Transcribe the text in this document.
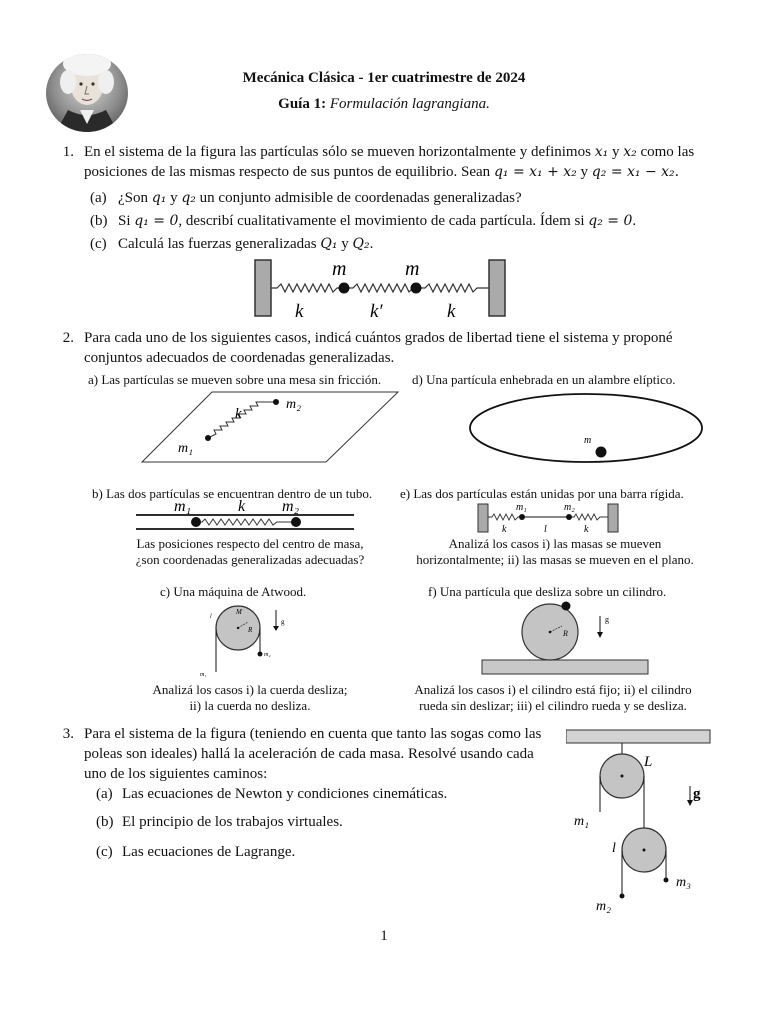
Mecánica Clásica - 1er cuatrimestre de 2024
Guía 1: Formulación lagrangiana.
1. En el sistema de la figura las partículas sólo se mueven horizontalmente y definimos x₁ y x₂ como las
posiciones de las mismas respecto de sus puntos de equilibrio. Sean q₁ = x₁ + x₂ y q₂ = x₁ − x₂.
(a) ¿Son q₁ y q₂ un conjunto admisible de coordenadas generalizadas?
(b) Si q₁ = 0, describí cualitativamente el movimiento de cada partícula. Ídem si q₂ = 0.
(c) Calculá las fuerzas generalizadas Q₁ y Q₂.
m	m
k	k′	k
2. Para cada uno de los siguientes casos, indicá cuántos grados de libertad tiene el sistema y proponé
conjuntos adecuados de coordenadas generalizadas.
a) Las partículas se mueven sobre una mesa sin fricción.
m₂
k
m₁
d) Una partícula enhebrada en un alambre elíptico.
m
b) Las dos partículas se encuentran dentro de un tubo.
m₁	k m₂
Las posiciones respecto del centro de masa,
¿son coordenadas generalizadas adecuadas?
e) Las dos partículas están unidas por una barra rígida.
m₁	m₂
k	l	k
Analizá los casos i) las masas se mueven
horizontalmente; ii) las masas se mueven en el plano.
c) Una máquina de Atwood.
M
R
g
l
m₁
m₂
Analizá los casos i) la cuerda desliza;
ii) la cuerda no desliza.
f) Una partícula que desliza sobre un cilindro.
R
g
Analizá los casos i) el cilindro está fijo; ii) el cilindro
rueda sin deslizar; iii) el cilindro rueda y se desliza.
3. Para el sistema de la figura (teniendo en cuenta que tanto las sogas como las
poleas son ideales) hallá la aceleración de cada masa. Resolvé usando cada
uno de los siguientes caminos:
(a) Las ecuaciones de Newton y condiciones cinemáticas.
(b) El principio de los trabajos virtuales.
(c) Las ecuaciones de Lagrange.
L
g
m₁
l
m₃
m₂
1
